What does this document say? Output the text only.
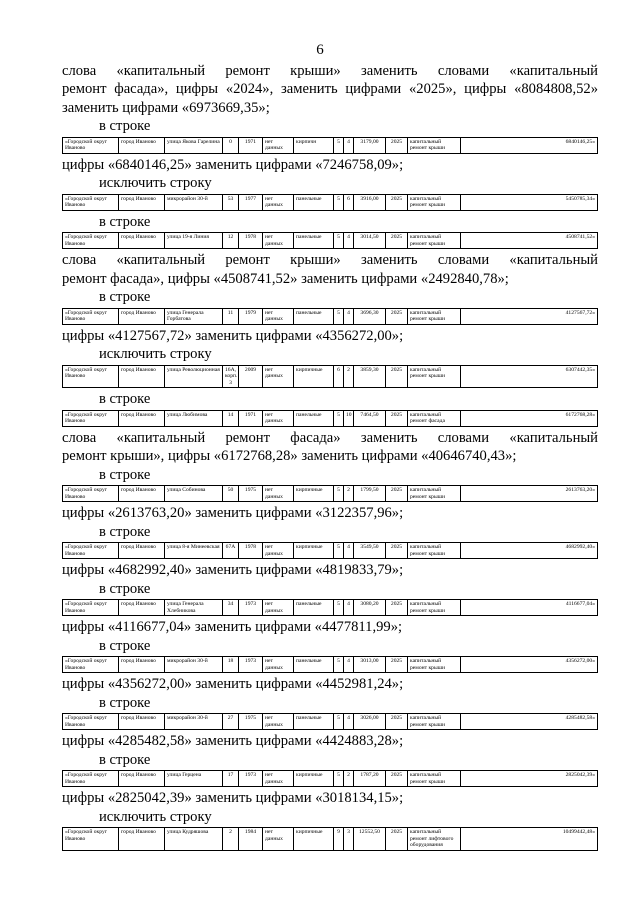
6

слова «капитальный ремонт крыши» заменить словами «капитальный

ремонт фасада», цифры «2024», заменить цифрами «2025», цифры «8084808,52»

заменить цифрами «6973669,35»;

в строке

«Городской округ Иваново	город Иваново	улица Якова Гарелина	0	1971	нет данных	кирпичн	5	4	3179,00	2025	капитальный ремонт крыши	6840146,25»

цифры «6840146,25» заменить цифрами «7246758,09»;

исключить строку

«Городской округ Иваново	город Иваново	микрорайон 30-й	53	1977	нет данных	панельные	5	6	3916,00	2025	капитальный ремонт крыши	5450785,34»

в строке

«Городской округ Иваново	город Иваново	улица 19-я Линия	12	1978	нет данных	панельные	5	4	3014,50	2025	капитальный ремонт крыши	4508741,52»

слова «капитальный ремонт крыши» заменить словами «капитальный

ремонт фасада», цифры «4508741,52» заменить цифрами «2492840,78»;

в строке

«Городской округ Иваново	город Иваново	улица Генерала Горбатова	11	1979	нет данных	панельные	5	4	3696,30	2025	капитальный ремонт крыши	4127567,72»

цифры «4127567,72» заменить цифрами «4356272,00»;

исключить строку

«Городской округ Иваново	город Иваново	улица Революционная	16А, корп. 3	2009	нет данных	кирпичные	6	2	3859,30	2025	капитальный ремонт крыши	6307442,35»

в строке

«Городской округ Иваново	город Иваново	улица Любимова	14	1971	нет данных	панельные	5	10	7464,50	2025	капитальный ремонт фасада	6172768,28»

слова «капитальный ремонт фасада» заменить словами «капитальный

ремонт крыши», цифры «6172768,28» заменить цифрами «40646740,43»;

в строке

«Городской округ Иваново	город Иваново	улица Собинова	50	1975	нет данных	кирпичные	5	2	1799,50	2025	капитальный ремонт крыши	2613763,20»

цифры «2613763,20» заменить цифрами «3122357,96»;

в строке

«Городской округ Иваново	город Иваново	улица 8-я Минеевская	67А	1978	нет данных	кирпичные	5	4	3549,50	2025	капитальный ремонт крыши	4682992,40»

цифры «4682992,40» заменить цифрами «4819833,79»;

в строке

«Городской округ Иваново	город Иваново	улица Генерала Хлебникова	34	1973	нет данных	панельные	5	4	3080,20	2025	капитальный ремонт крыши	4116677,04»

цифры «4116677,04» заменить цифрами «4477811,99»;

в строке

«Городской округ Иваново	город Иваново	микрорайон 30-й	18	1973	нет данных	панельные	5	4	3013,00	2025	капитальный ремонт крыши	4356272,00»

цифры «4356272,00» заменить цифрами «4452981,24»;

в строке

«Городской округ Иваново	город Иваново	микрорайон 30-й	27	1975	нет данных	панельные	5	4	3026,00	2025	капитальный ремонт крыши	4285482,58»

цифры «4285482,58» заменить цифрами «4424883,28»;

в строке

«Городской округ Иваново	город Иваново	улица Герцена	17	1973	нет данных	кирпичные	5	2	1787,20	2025	капитальный ремонт крыши	2825042,39»

цифры «2825042,39» заменить цифрами «3018134,15»;

исключить строку

«Городской округ Иваново	город Иваново	улица Кудряшова	2	1984	нет данных	кирпичные	9	3	12552,50	2025	капитальный ремонт лифтового оборудования	10499442,48»
